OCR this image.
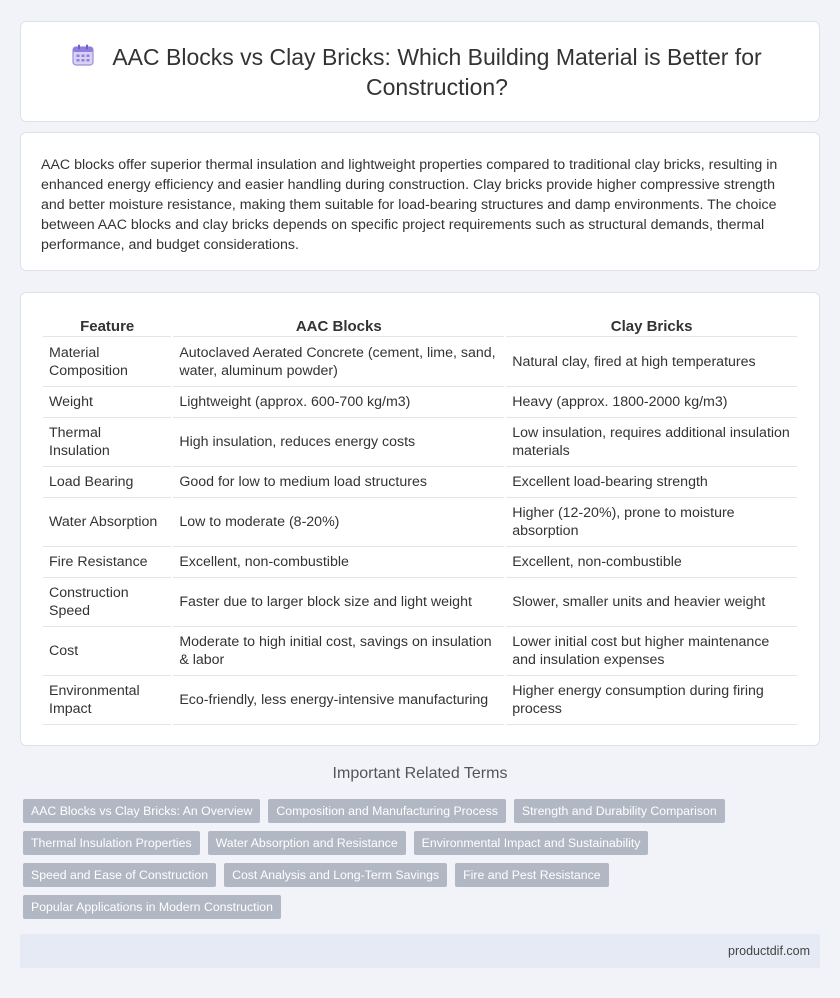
AAC Blocks vs Clay Bricks: Which Building Material is Better for Construction?

AAC blocks offer superior thermal insulation and lightweight properties compared to traditional clay bricks, resulting in enhanced energy efficiency and easier handling during construction. Clay bricks provide higher compressive strength and better moisture resistance, making them suitable for load-bearing structures and damp environments. The choice between AAC blocks and clay bricks depends on specific project requirements such as structural demands, thermal performance, and budget considerations.

Feature	AAC Blocks	Clay Bricks
Material Composition	Autoclaved Aerated Concrete (cement, lime, sand, water, aluminum powder)	Natural clay, fired at high temperatures
Weight	Lightweight (approx. 600-700 kg/m3)	Heavy (approx. 1800-2000 kg/m3)
Thermal Insulation	High insulation, reduces energy costs	Low insulation, requires additional insulation materials
Load Bearing	Good for low to medium load structures	Excellent load-bearing strength
Water Absorption	Low to moderate (8-20%)	Higher (12-20%), prone to moisture absorption
Fire Resistance	Excellent, non-combustible	Excellent, non-combustible
Construction Speed	Faster due to larger block size and light weight	Slower, smaller units and heavier weight
Cost	Moderate to high initial cost, savings on insulation & labor	Lower initial cost but higher maintenance and insulation expenses
Environmental Impact	Eco-friendly, less energy-intensive manufacturing	Higher energy consumption during firing process
Important Related Terms
AAC Blocks vs Clay Bricks: An Overview	Composition and Manufacturing Process	Strength and Durability Comparison
Thermal Insulation Properties	Water Absorption and Resistance	Environmental Impact and Sustainability
Speed and Ease of Construction	Cost Analysis and Long-Term Savings	Fire and Pest Resistance
Popular Applications in Modern Construction
productdif.com
